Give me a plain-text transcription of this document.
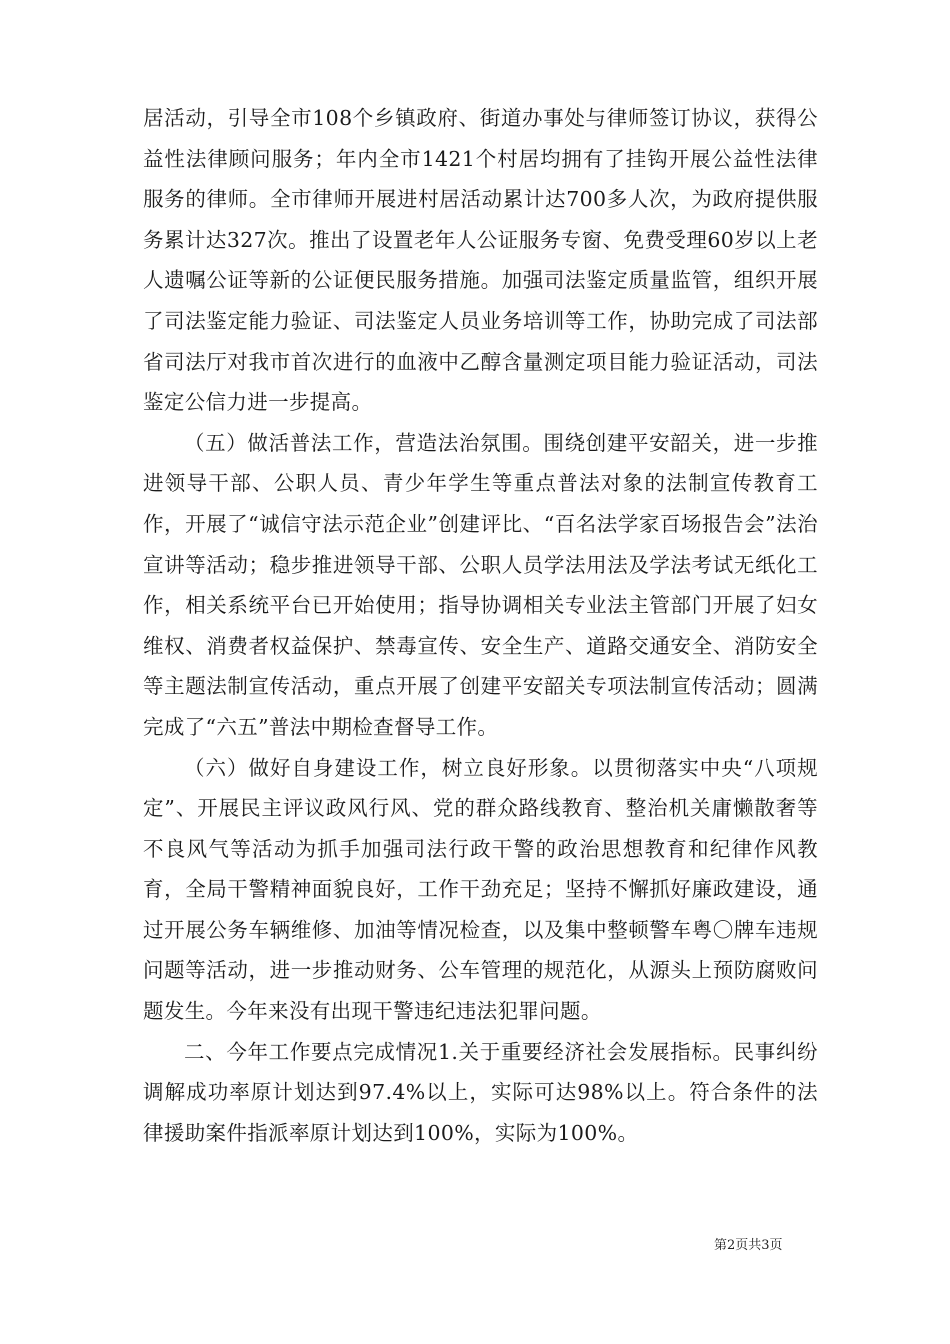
居活动，引导全市108个乡镇政府、街道办事处与律师签订协议，获得公益性法律顾问服务；年内全市1421个村居均拥有了挂钩开展公益性法律服务的律师。全市律师开展进村居活动累计达700多人次，为政府提供服务累计达327次。推出了设置老年人公证服务专窗、免费受理60岁以上老人遗嘱公证等新的公证便民服务措施。加强司法鉴定质量监管，组织开展了司法鉴定能力验证、司法鉴定人员业务培训等工作，协助完成了司法部省司法厅对我市首次进行的血液中乙醇含量测定项目能力验证活动，司法鉴定公信力进一步提高。

（五）做活普法工作，营造法治氛围。围绕创建平安韶关，进一步推进领导干部、公职人员、青少年学生等重点普法对象的法制宣传教育工作，开展了“诚信守法示范企业”创建评比、“百名法学家百场报告会”法治宣讲等活动；稳步推进领导干部、公职人员学法用法及学法考试无纸化工作，相关系统平台已开始使用；指导协调相关专业法主管部门开展了妇女维权、消费者权益保护、禁毒宣传、安全生产、道路交通安全、消防安全等主题法制宣传活动，重点开展了创建平安韶关专项法制宣传活动；圆满完成了“六五”普法中期检查督导工作。

（六）做好自身建设工作，树立良好形象。以贯彻落实中央“八项规定”、开展民主评议政风行风、党的群众路线教育、整治机关庸懒散奢等不良风气等活动为抓手加强司法行政干警的政治思想教育和纪律作风教育，全局干警精神面貌良好，工作干劲充足；坚持不懈抓好廉政建设，通过开展公务车辆维修、加油等情况检查，以及集中整顿警车粤〇牌车违规问题等活动，进一步推动财务、公车管理的规范化，从源头上预防腐败问题发生。今年来没有出现干警违纪违法犯罪问题。

二、今年工作要点完成情况1.关于重要经济社会发展指标。民事纠纷调解成功率原计划达到97.4%以上，实际可达98%以上。符合条件的法律援助案件指派率原计划达到100%，实际为100%。

第2页共3页
